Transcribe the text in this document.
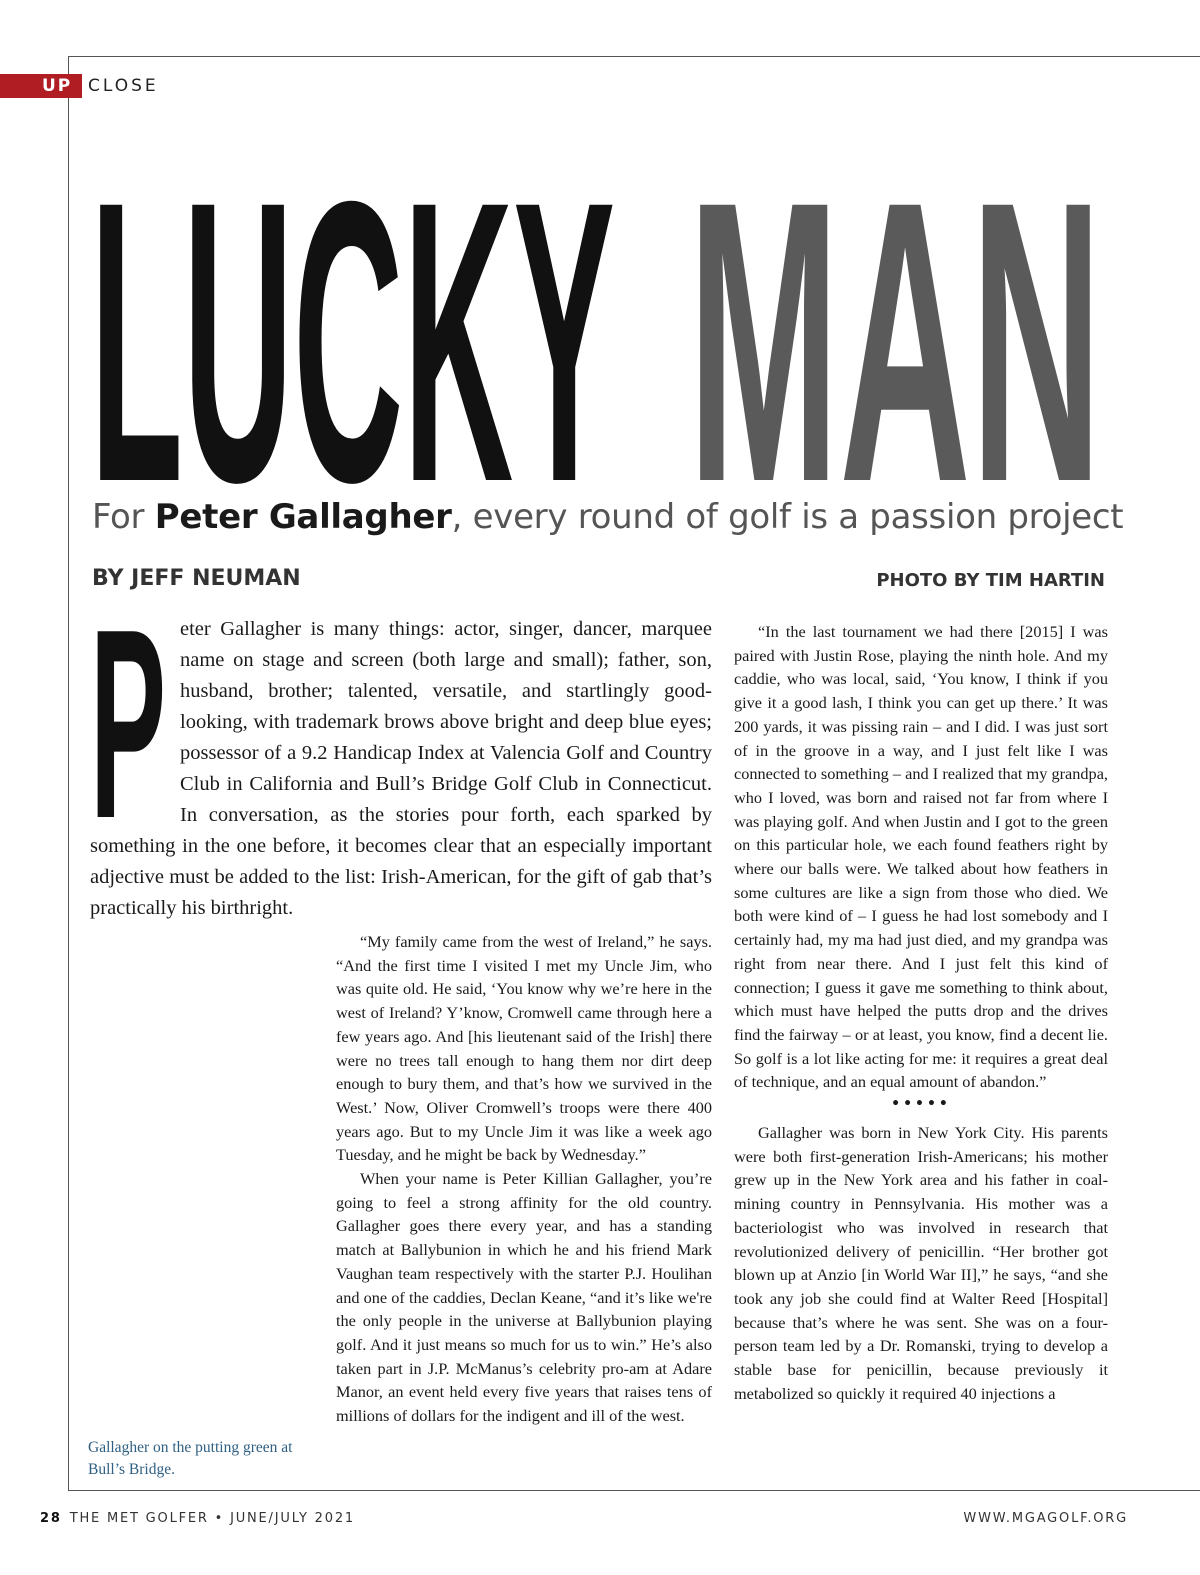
UP CLOSE
LUCKY MAN
For Peter Gallagher, every round of golf is a passion project
BY JEFF NEUMAN	PHOTO BY TIM HARTIN
P eter Gallagher is many things: actor, singer, dancer, marquee name on stage and screen (both large and small); father, son, husband, brother; talented, versatile, and startlingly good-looking, with trademark brows above bright and deep blue eyes; possessor of a 9.2 Handicap Index at Valencia Golf and Country Club in California and Bull’s Bridge Golf Club in Connecticut. In conversation, as the stories pour forth, each sparked by something in the one before, it becomes clear that an especially important adjective must be added to the list: Irish-American, for the gift of gab that’s practically his birthright.

“My family came from the west of Ireland,” he says. “And the first time I visited I met my Uncle Jim, who was quite old. He said, ‘You know why we’re here in the west of Ireland? Y’know, Cromwell came through here a few years ago. And [his lieutenant said of the Irish] there were no trees tall enough to hang them nor dirt deep enough to bury them, and that’s how we survived in the West.’ Now, Oliver Cromwell’s troops were there 400 years ago. But to my Uncle Jim it was like a week ago Tuesday, and he might be back by Wednesday.”

When your name is Peter Killian Gallagher, you’re going to feel a strong affinity for the old country. Gallagher goes there every year, and has a standing match at Ballybunion in which he and his friend Mark Vaughan team respectively with the starter P.J. Houlihan and one of the caddies, Declan Keane, “and it’s like we're the only people in the universe at Ballybunion playing golf. And it just means so much for us to win.” He’s also taken part in J.P. McManus’s celebrity pro-am at Adare Manor, an event held every five years that raises tens of millions of dollars for the indigent and ill of the west.

“In the last tournament we had there [2015] I was paired with Justin Rose, playing the ninth hole. And my caddie, who was local, said, ‘You know, I think if you give it a good lash, I think you can get up there.’ It was 200 yards, it was pissing rain – and I did. I was just sort of in the groove in a way, and I just felt like I was connected to something – and I realized that my grandpa, who I loved, was born and raised not far from where I was playing golf. And when Justin and I got to the green on this particular hole, we each found feathers right by where our balls were. We talked about how feathers in some cultures are like a sign from those who died. We both were kind of – I guess he had lost somebody and I certainly had, my ma had just died, and my grandpa was right from near there. And I just felt this kind of connection; I guess it gave me something to think about, which must have helped the putts drop and the drives find the fairway – or at least, you know, find a decent lie. So golf is a lot like acting for me: it requires a great deal of technique, and an equal amount of abandon.”

•••••

Gallagher was born in New York City. His parents were both first-generation Irish-Americans; his mother grew up in the New York area and his father in coal-mining country in Pennsylvania. His mother was a bacteriologist who was involved in research that revolutionized delivery of penicillin. “Her brother got blown up at Anzio [in World War II],” he says, “and she took any job she could find at Walter Reed [Hospital] because that’s where he was sent. She was on a four-person team led by a Dr. Romanski, trying to develop a stable base for penicillin, because previously it metabolized so quickly it required 40 injections a

Gallagher on the putting green at Bull’s Bridge.
28 THE MET GOLFER • JUNE/JULY 2021	WWW.MGAGOLF.ORG
